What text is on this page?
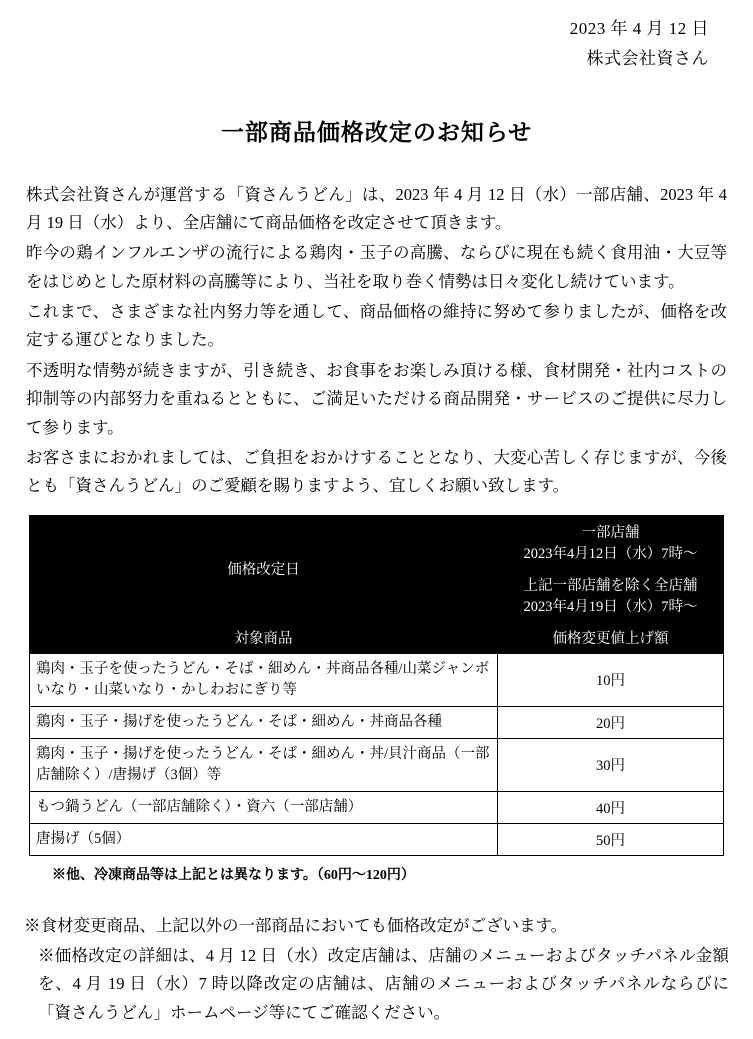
2023 年 4 月 12 日
株式会社資さん
一部商品価格改定のお知らせ
株式会社資さんが運営する「資さんうどん」は、2023 年 4 月 12 日（水）一部店舗、2023 年 4 月 19 日（水）より、全店舗にて商品価格を改定させて頂きます。
昨今の鶏インフルエンザの流行による鶏肉・玉子の高騰、ならびに現在も続く食用油・大豆等をはじめとした原材料の高騰等により、当社を取り巻く情勢は日々変化し続けています。
これまで、さまざまな社内努力等を通して、商品価格の維持に努めて参りましたが、価格を改定する運びとなりました。
不透明な情勢が続きますが、引き続き、お食事をお楽しみ頂ける様、食材開発・社内コストの抑制等の内部努力を重ねるとともに、ご満足いただける商品開発・サービスのご提供に尽力して参ります。
お客さまにおかれましては、ご負担をおかけすることとなり、大変心苦しく存じますが、今後とも「資さんうどん」のご愛顧を賜りますよう、宜しくお願い致します。
価格改定日	一部店舗
2023年4月12日（水）7時～

	上記一部店舗を除く全店舗
2023年4月19日（水）7時～

対象商品	価格変更値上げ額
鶏肉・玉子を使ったうどん・そば・細めん・丼商品各種/山菜ジャンボいなり・山菜いなり・かしわおにぎり等	10円
鶏肉・玉子・揚げを使ったうどん・そば・細めん・丼商品各種	20円
鶏肉・玉子・揚げを使ったうどん・そば・細めん・丼/貝汁商品（一部店舗除く）/唐揚げ（3個）等	30円
もつ鍋うどん（一部店舗除く）・資六（一部店舗）	40円
唐揚げ（5個）	50円
※他、冷凍商品等は上記とは異なります。（60円～120円）
※食材変更商品、上記以外の一部商品においても価格改定がございます。
※価格改定の詳細は、4 月 12 日（水）改定店舗は、店舗のメニューおよびタッチパネル金額を、4 月 19 日（水）7 時以降改定の店舗は、店舗のメニューおよびタッチパネルならびに「資さんうどん」ホームページ等にてご確認ください。
